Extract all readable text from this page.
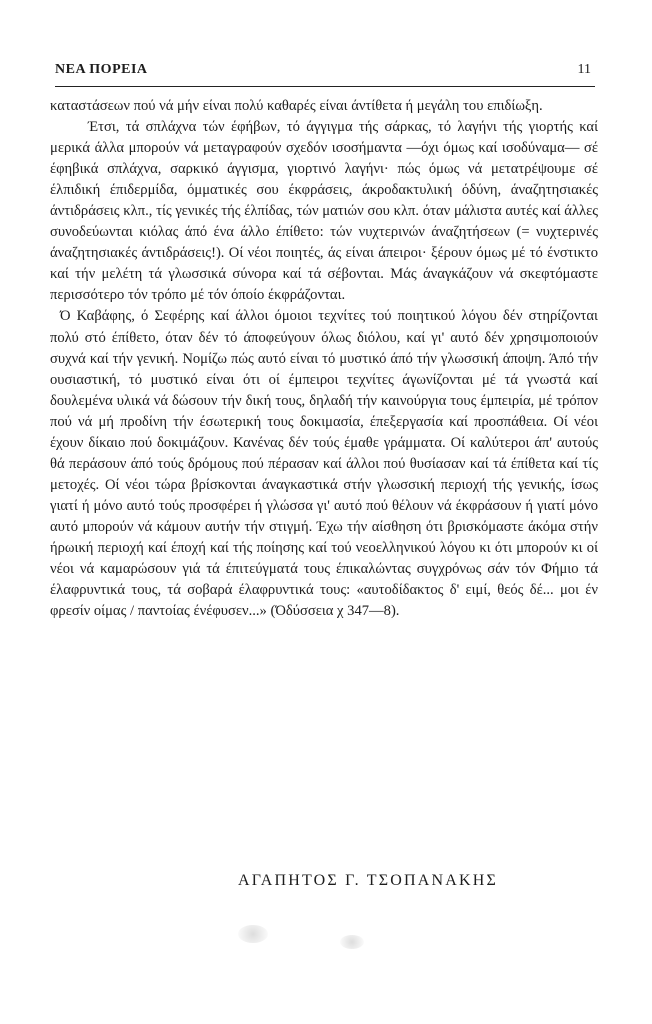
ΝΕΑ ΠΟΡΕΙΑ	11

καταστάσεων πού νά μήν είναι πολύ καθαρές είναι άντίθετα ή μεγάλη του επιδίωξη.

Έτσι, τά σπλάχνα τών έφήβων, τό άγγιγμα τής σάρκας, τό λαγήνι τής γιορτής καί μερικά άλλα μπορούν νά μεταγραφούν σχεδόν ισοσήμαντα —όχι όμως καί ισοδύναμα— σέ έφηβικά σπλάχνα, σαρκικό άγγισμα, γιορτινό λαγήνι· πώς όμως νά μετατρέψουμε σέ έλπιδική έπιδερμίδα, όμματικές σου έκφράσεις, άκροδακτυλική όδύνη, άναζητησιακές άντιδράσεις κλπ., τίς γενικές τής έλπίδας, τών ματιών σου κλπ. όταν μάλιστα αυτές καί άλλες συνοδεύωνται κιόλας άπό ένα άλλο έπίθετο: τών νυχτερινών άναζητήσεων (= νυχτερινές άναζητησιακές άντιδράσεις!). Οί νέοι ποιητές, άς είναι άπειροι· ξέρουν όμως μέ τό ένστικτο καί τήν μελέτη τά γλωσσικά σύνορα καί τά σέβονται. Μάς άναγκάζουν νά σκεφτόμαστε περισσότερο τόν τρόπο μέ τόν όποίο έκφράζονται.

Ό Καβάφης, ό Σεφέρης καί άλλοι όμοιοι τεχνίτες τού ποιητικού λόγου δέν στηρίζονται πολύ στό έπίθετο, όταν δέν τό άποφεύγουν όλως διόλου, καί γι' αυτό δέν χρησιμοποιούν συχνά καί τήν γενική. Νομίζω πώς αυτό είναι τό μυστικό άπό τήν γλωσσική άποψη. Άπό τήν ουσιαστική, τό μυστικό είναι ότι οί έμπειροι τεχνίτες άγωνίζονται μέ τά γνωστά καί δουλεμένα υλικά νά δώσουν τήν δική τους, δηλαδή τήν καινούργια τους έμπειρία, μέ τρόπον πού νά μή προδίνη τήν έσωτερική τους δοκιμασία, έπεξεργασία καί προσπάθεια. Οί νέοι έχουν δίκαιο πού δοκιμάζουν. Κανένας δέν τούς έμαθε γράμματα. Οί καλύτεροι άπ' αυτούς θά περάσουν άπό τούς δρόμους πού πέρασαν καί άλλοι πού θυσίασαν καί τά έπίθετα καί τίς μετοχές. Οί νέοι τώρα βρίσκονται άναγκαστικά στήν γλωσσική περιοχή τής γενικής, ίσως γιατί ή μόνο αυτό τούς προσφέρει ή γλώσσα γι' αυτό πού θέλουν νά έκφράσουν ή γιατί μόνο αυτό μπορούν νά κάμουν αυτήν τήν στιγμή. Έχω τήν αίσθηση ότι βρισκόμαστε άκόμα στήν ήρωική περιοχή καί έποχή καί τής ποίησης καί τού νεοελληνικού λόγου κι ότι μπορούν κι οί νέοι νά καμαρώσουν γιά τά έπιτεύγματά τους έπικαλώντας συγχρόνως σάν τόν Φήμιο τά έλαφρυντικά τους, τά σοβαρά έλαφρυντικά τους: «αυτοδίδακτος δ' ειμί, θεός δέ... μοι έν φρεσίν οίμας / παντοίας ένέφυσεν...» (Όδύσσεια χ 347—8).

ΑΓΑΠΗΤΟΣ Γ. ΤΣΟΠΑΝΑΚΗΣ
